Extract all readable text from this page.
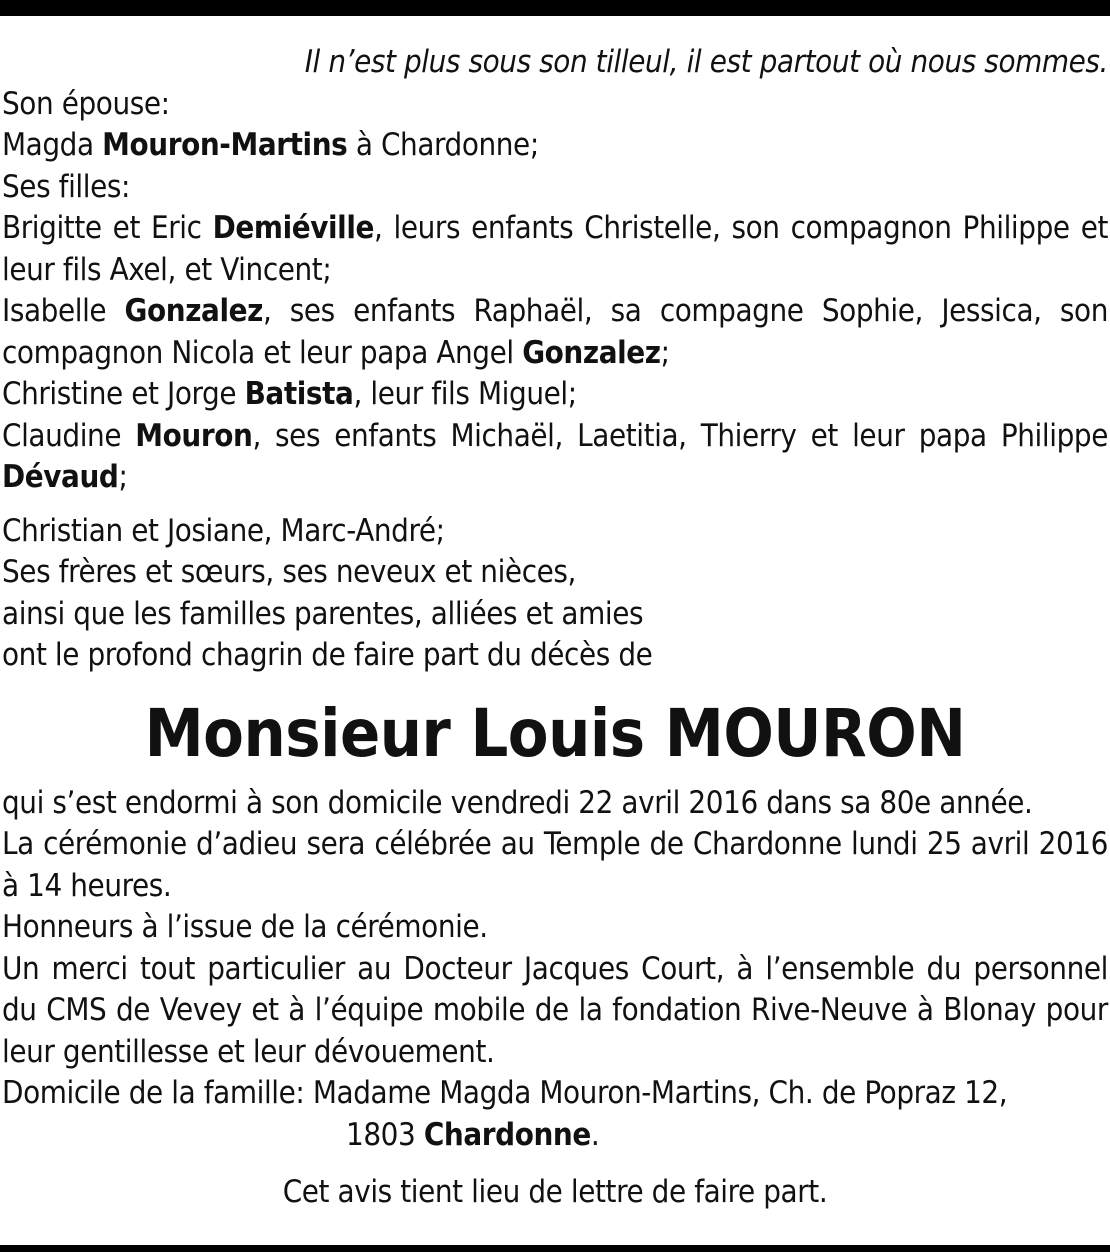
Il n’est plus sous son tilleul, il est partout où nous sommes.

Son épouse:

Magda Mouron-Martins à Chardonne;

Ses filles:

Brigitte et Eric Demiéville, leurs enfants Christelle, son compagnon Philippe et leur fils Axel, et Vincent;

Isabelle Gonzalez, ses enfants Raphaël, sa compagne Sophie, Jessica, son compagnon Nicola et leur papa Angel Gonzalez;

Christine et Jorge Batista, leur fils Miguel;

Claudine Mouron, ses enfants Michaël, Laetitia, Thierry et leur papa Philippe Dévaud;

Christian et Josiane, Marc-André;

Ses frères et sœurs, ses neveux et nièces,

ainsi que les familles parentes, alliées et amies

ont le profond chagrin de faire part du décès de

Monsieur Louis MOURON

qui s’est endormi à son domicile vendredi 22 avril 2016 dans sa 80e année.

La cérémonie d’adieu sera célébrée au Temple de Chardonne lundi 25 avril 2016 à 14 heures.

Honneurs à l’issue de la cérémonie.

Un merci tout particulier au Docteur Jacques Court, à l’ensemble du personnel du CMS de Vevey et à l’équipe mobile de la fondation Rive-Neuve à Blonay pour leur gentillesse et leur dévouement.

Domicile de la famille: Madame Magda Mouron-Martins, Ch. de Popraz 12,

1803 Chardonne.

Cet avis tient lieu de lettre de faire part.
